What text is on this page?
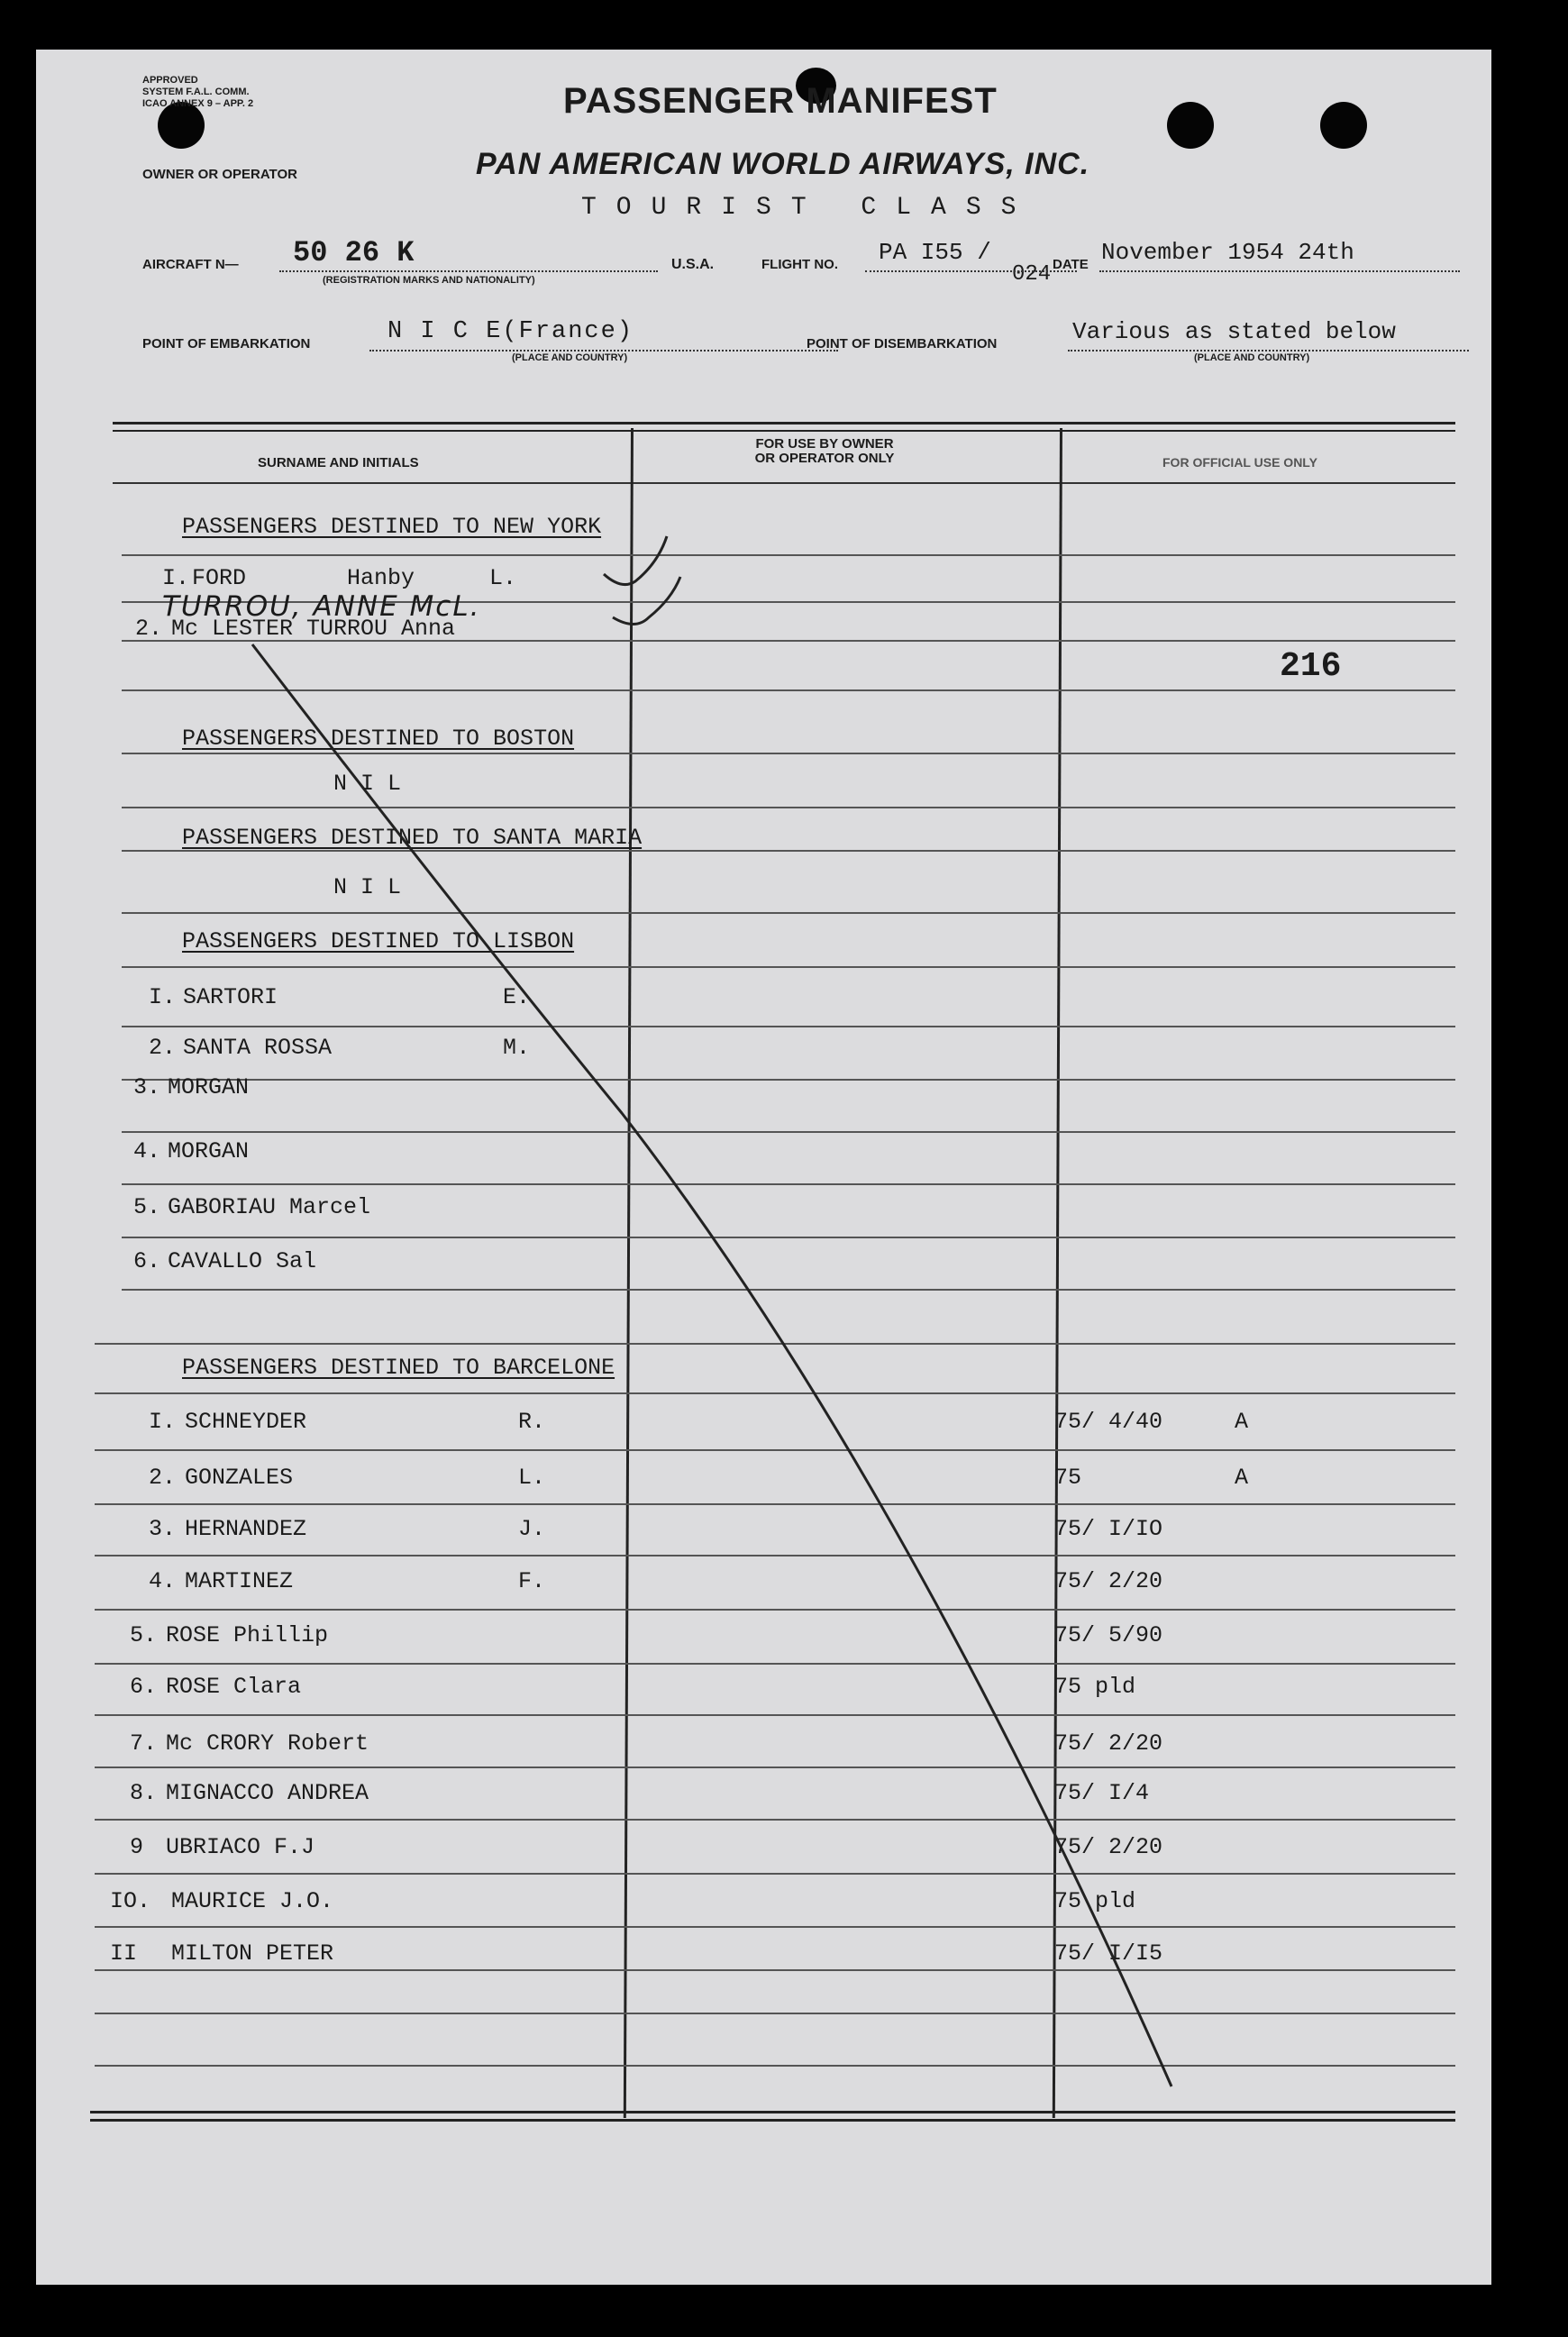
APPROVED
SYSTEM F.A.L. COMM.
ICAO ANNEX 9 – APP. 2	PASSENGER MANIFEST
PAN AMERICAN WORLD AIRWAYS, INC.
TOURIST CLASS
OWNER OR OPERATOR
AIRCRAFT N— 50 26 K
(REGISTRATION MARKS AND NATIONALITY)
U.S.A.	FLIGHT NO. PA I55 /
024 DATE November 1954 24th
POINT OF EMBARKATION	N I C E(France)
(PLACE AND COUNTRY)
POINT OF DISEMBARKATION	Various as stated below
(PLACE AND COUNTRY)
SURNAME AND INITIALS
FOR USE BY OWNER OR OPERATOR ONLY	FOR OFFICIAL USE ONLY
216
PASSENGERS DESTINED TO NEW YORK
I. FORD	Hanby	L.
TURROU, ANNE McL.
2. Mc LESTER TURROU Anna
PASSENGERS DESTINED TO BOSTON
N I L
PASSENGERS DESTINED TO SANTA MARIA
N I L
PASSENGERS DESTINED TO LISBON
I. SARTORI	E.
2. SANTA ROSSA	M.
3. MORGAN
4. MORGAN
5. GABORIAU Marcel
6. CAVALLO Sal
PASSENGERS DESTINED TO BARCELONE
I. SCHNEYDER	R.	75/ 4/40	A
2. GONZALES	L.	75	A
3. HERNANDEZ	J.	75/ I/IO
4. MARTINEZ	F.	75/ 2/20
5. ROSE Phillip	75/ 5/90
6. ROSE Clara	75 pld
7. Mc CRORY Robert	75/ 2/20
8. MIGNACCO ANDREA	75/ I/4
9 UBRIACO F.J	75/ 2/20
IO. MAURICE J.O.	75 pld
II MILTON PETER	75/ I/I5
